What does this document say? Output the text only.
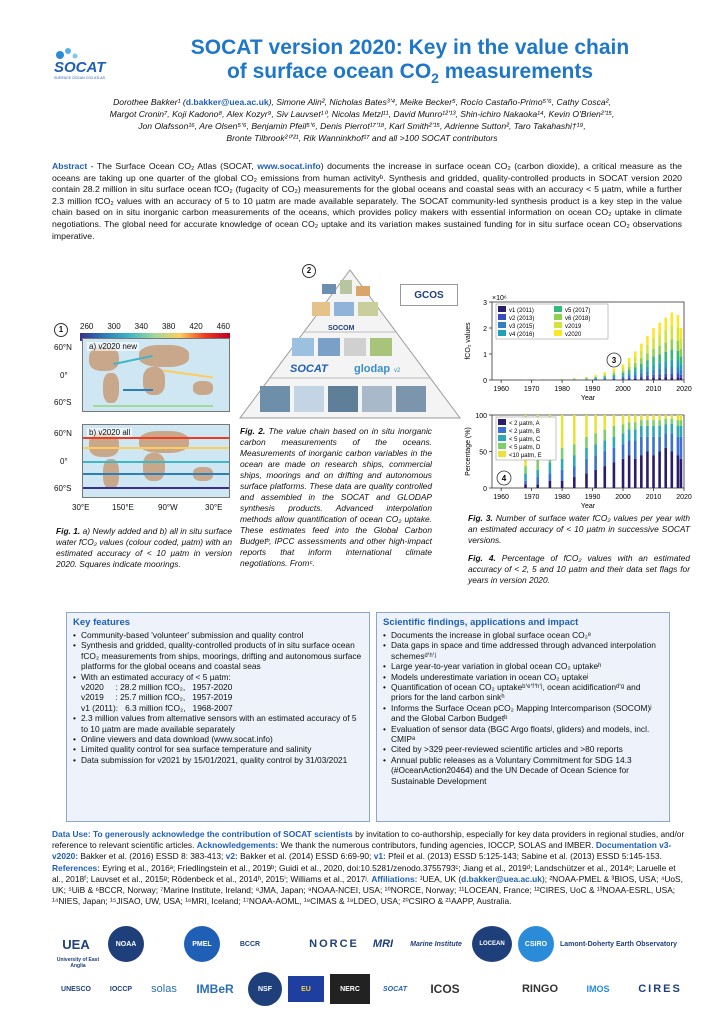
SOCAT
SURFACE OCEAN CO2 ATLAS
SOCAT version 2020: Key in the value chain
of surface ocean $CO_2$ measurements
Dorothee Bakker¹ (d.bakker@uea.ac.uk), Simone Alin², Nicholas Bates³ʼ⁴, Meike Becker⁵, Rocío Castaño-Primo⁵ʼ⁶, Cathy Cosca²,
Margot Cronin⁷, Koji Kadono⁸, Alex Kozyr⁹, Siv Lauvset¹⁰, Nicolas Metzl¹¹, David Munro¹²ʼ¹³, Shin-ichiro Nakaoka¹⁴, Kevin O'Brien²ʼ¹⁵,
Jon Olafsson¹⁶, Are Olsen⁵ʼ⁶, Benjamin Pfeil⁵ʼ⁶, Denis Pierrot¹⁷ʼ¹⁸, Karl Smith²ʼ¹⁵, Adrienne Sutton², Taro Takahashi†¹⁹,
Bronte Tilbrook²⁰ʼ²¹, Rik Wanninkhof¹⁷ and all >100 SOCAT contributors
Abstract - The Surface Ocean CO₂ Atlas (SOCAT, www.socat.info) documents the increase in surface ocean CO₂ (carbon dioxide), a critical measure as the oceans are taking up one quarter of the global CO₂ emissions from human activityᵇ. Synthesis and gridded, quality-controlled products in SOCAT version 2020 contain 28.2 million in situ surface ocean fCO₂ (fugacity of CO₂) measurements for the global oceans and coastal seas with an accuracy < 5 µatm, while a further 2.3 million fCO₂ values with an accuracy of 5 to 10 µatm are made available separately. The SOCAT community-led synthesis product is a key step in the value chain based on in situ inorganic carbon measurements of the oceans, which provides policy makers with essential information on ocean CO₂ uptake in climate negotiations. The global need for accurate knowledge of ocean CO₂ uptake and its variation makes sustained funding for in situ surface ocean CO₂ observations imperative.
260 300 340 380 420 460
1
a) v2020 new
60°N
0°
60°S
b) v2020 all
60°N
0°
60°S
30°E	150°E	90°W	30°E
Fig. 1. a) Newly added and b) all in situ surface water fCO₂ values (colour coded, µatm) with an estimated accuracy of < 10 µatm in version 2020. Squares indicate moorings.
SOCOM
SOCAT glodap v2
2
GCOS
Fig. 2. The value chain based on in situ inorganic carbon measurements of the oceans. Measurements of inorganic carbon variables in the ocean are made on research ships, commercial ships, moorings and on drifting and autonomous surface platforms. These data are quality controlled and assembled in the SOCAT and GLODAP synthesis products. Advanced interpolation methods allow quantification of ocean CO₂ uptake. These estimates feed into the Global Carbon Budgetᵇ, IPCC assessments and other high-impact reports that inform international climate negotiations. Fromᶜ.
0
1
2
3
1960 1970 1980 1990 2000 2010 2020
Year
fCO₂ values
×10⁶
v1 (2011)
v2 (2013)
v3 (2015)
v4 (2016)
v5 (2017)
v6 (2018)
v2019
v2020
3
0
50
100
1960 1970 1980 1990 2000 2010 2020
Year
Percentage (%)
< 2 µatm, A
< 2 µatm, B
< 5 µatm, C
< 5 µatm, D
<10 µatm, E
4
Fig. 3. Number of surface water fCO₂ values per year with an estimated accuracy of < 10 µatm in successive SOCAT versions.
Fig. 4. Percentage of fCO₂ values with an estimated accuracy of < 2, 5 and 10 µatm and their data set flags for years in version 2020.
Key features
• Community-based 'volunteer' submission and quality control
• Synthesis and gridded, quality-controlled products of in situ surface ocean fCO₂ measurements from ships, moorings, drifting and autonomous surface platforms for the global oceans and coastal seas
• With an estimated accuracy of < 5 µatm:
v2020     : 28.2 million fCO₂,   1957-2020
v2019     : 25.7 million fCO₂,   1957-2019
v1 (2011):   6.3 million fCO₂,   1968-2007
• 2.3 million values from alternative sensors with an estimated accuracy of 5 to 10 µatm are made available separately
• Online viewers and data download (www.socat.info)
• Limited quality control for sea surface temperature and salinity
• Data submission for v2021 by 15/01/2021, quality control by 31/03/2021
Scientific findings, applications and impact
• Documents the increase in global surface ocean CO₂ᵉ
• Data gaps in space and time addressed through advanced interpolation schemesᵈʼʰʼʲ
• Large year-to-year variation in global ocean CO₂ uptakeʰ
• Models underestimate variation in ocean CO₂ uptakeʲ
• Quantification of ocean CO₂ uptakeᵇʼᵉʼᶠʼʰʼʲ, ocean acidificationᵈʼᵍ and priors for the land carbon sinkʰ
• Informs the Surface Ocean pCO₂ Mapping Intercomparison (SOCOM)ʲ and the Global Carbon Budgetᵇ
• Evaluation of sensor data (BGC Argo floatsʲ, gliders) and models, incl. CMIPᵃ
• Cited by >329 peer-reviewed scientific articles and >80 reports
• Annual public releases as a Voluntary Commitment for SDG 14.3 (#OceanAction20464) and the UN Decade of Ocean Science for Sustainable Development
Data Use: To generously acknowledge the contribution of SOCAT scientists by invitation to co-authorship, especially for key data providers in regional studies, and/or reference to relevant scientific articles. Acknowledgements: We thank the numerous contributors, funding agencies, IOCCP, SOLAS and IMBER. Documentation v3-v2020: Bakker et al. (2016) ESSD 8: 383-413; v2: Bakker et al. (2014) ESSD 6:69-90; v1: Pfeil et al. (2013) ESSD 5:125-143; Sabine et al. (2013) ESSD 5:145-153. References: Eyring et al., 2016ᵃ; Friedlingstein et al., 2019ᵇ; Guidi et al., 2020, doi:10.5281/zenodo.3755793ᶜ; Jiang et al., 2019ᵈ; Landschützer et al., 2014ᵉ; Laruelle et al., 2018ᶠ; Lauvset et al., 2015ᵍ; Rödenbeck et al., 2014ʰ, 2015ⁱ; Williams et al., 2017ʲ. Affiliations: ¹UEA, UK (d.bakker@uea.ac.uk); ²NOAA-PMEL & ³BIOS, USA; ⁴UoS, UK; ⁵UiB & ⁶BCCR, Norway; ⁷Marine Institute, Ireland; ⁸JMA, Japan; ⁹NOAA-NCEI, USA; ¹⁰NORCE, Norway; ¹¹LOCEAN, France; ¹²CIRES, UoC & ¹³NOAA-ESRL, USA; ¹⁴NIES, Japan; ¹⁵JISAO, UW, USA; ¹⁶MRI, Iceland; ¹⁷NOAA-AOML, ¹⁸CIMAS & ¹⁹LDEO, USA; ²⁰CSIRO & ²¹AAPP, Australia.
UEA
University of East Anglia
NOAA	PMEL	BCCR	NORCE	MRI	Marine Institute	LOCEAN	CSIRO	Lamont-Doherty Earth Observatory
UNESCO	IOCCP	solas	IMBeR	NSF	EU	NERC	SOCAT	ICOS	RINGO	IMOS	CIRES
